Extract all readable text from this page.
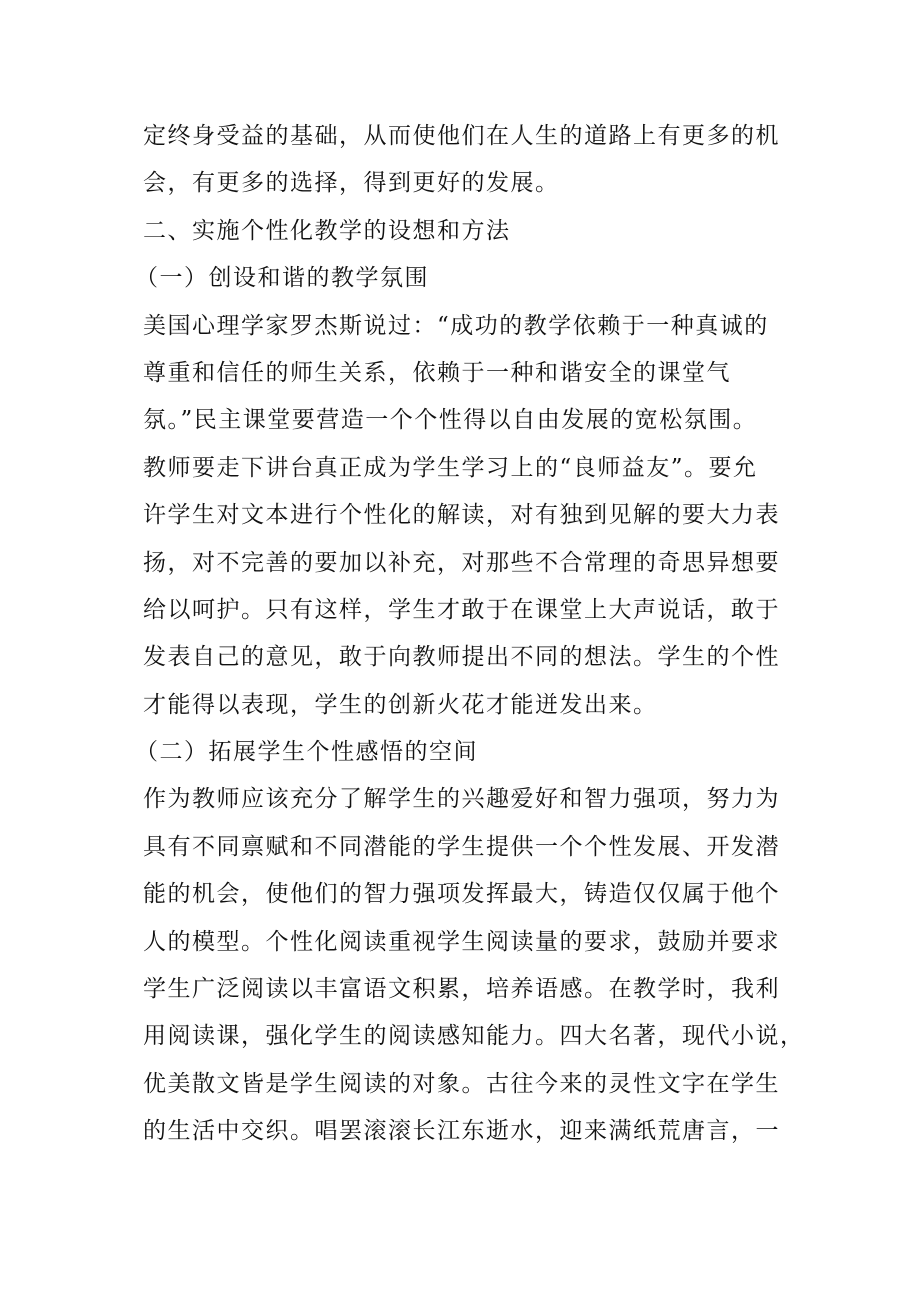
定终身受益的基础，从而使他们在人生的道路上有更多的机
会，有更多的选择，得到更好的发展。
二、实施个性化教学的设想和方法
（一）创设和谐的教学氛围
美国心理学家罗杰斯说过：“成功的教学依赖于一种真诚的
尊重和信任的师生关系，依赖于一种和谐安全的课堂气
氛。”民主课堂要营造一个个性得以自由发展的宽松氛围。
教师要走下讲台真正成为学生学习上的“良师益友”。要允
许学生对文本进行个性化的解读，对有独到见解的要大力表
扬，对不完善的要加以补充，对那些不合常理的奇思异想要
给以呵护。只有这样，学生才敢于在课堂上大声说话，敢于
发表自己的意见，敢于向教师提出不同的想法。学生的个性
才能得以表现，学生的创新火花才能迸发出来。
（二）拓展学生个性感悟的空间
作为教师应该充分了解学生的兴趣爱好和智力强项，努力为
具有不同禀赋和不同潜能的学生提供一个个性发展、开发潜
能的机会，使他们的智力强项发挥最大，铸造仅仅属于他个
人的模型。个性化阅读重视学生阅读量的要求，鼓励并要求
学生广泛阅读以丰富语文积累，培养语感。在教学时，我利
用阅读课，强化学生的阅读感知能力。四大名著，现代小说，
优美散文皆是学生阅读的对象。古往今来的灵性文字在学生
的生活中交织。唱罢滚滚长江东逝水，迎来满纸荒唐言，一
